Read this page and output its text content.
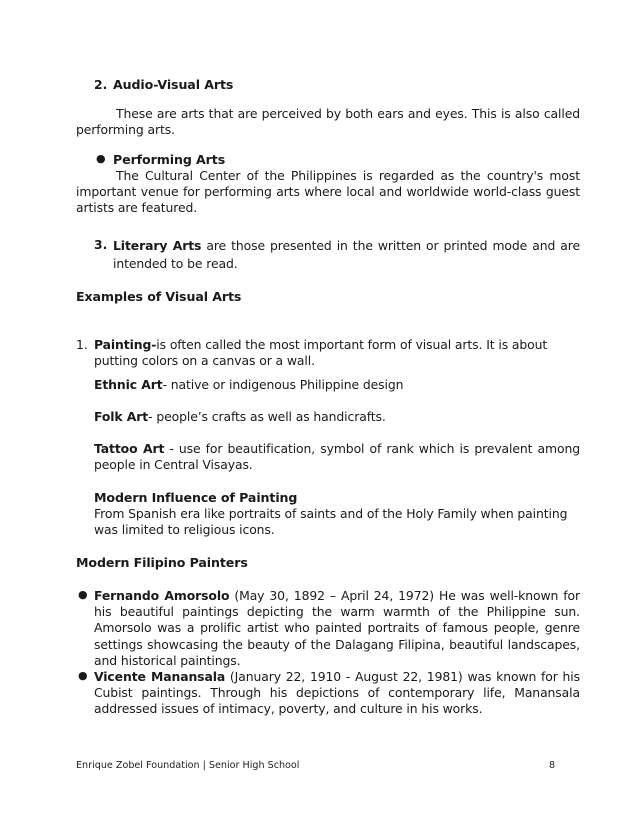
2. Audio-Visual Arts
These are arts that are perceived by both ears and eyes. This is also called performing arts.
● Performing Arts
The Cultural Center of the Philippines is regarded as the country's most important venue for performing arts where local and worldwide world-class guest artists are featured.
3. Literary Arts are those presented in the written or printed mode and are intended to be read.
Examples of Visual Arts
1. Painting-is often called the most important form of visual arts. It is about putting colors on a canvas or a wall.
Ethnic Art- native or indigenous Philippine design
Folk Art- people’s crafts as well as handicrafts.
Tattoo Art - use for beautification, symbol of rank which is prevalent among people in Central Visayas.
Modern Influence of Painting
From Spanish era like portraits of saints and of the Holy Family when painting was limited to religious icons.
Modern Filipino Painters
● Fernando Amorsolo (May 30, 1892 – April 24, 1972) He was well-known for his beautiful paintings depicting the warm warmth of the Philippine sun. Amorsolo was a prolific artist who painted portraits of famous people, genre settings showcasing the beauty of the Dalagang Filipina, beautiful landscapes, and historical paintings.
● Vicente Manansala (January 22, 1910 - August 22, 1981) was known for his Cubist paintings. Through his depictions of contemporary life, Manansala addressed issues of intimacy, poverty, and culture in his works.
Enrique Zobel Foundation | Senior High School	8
